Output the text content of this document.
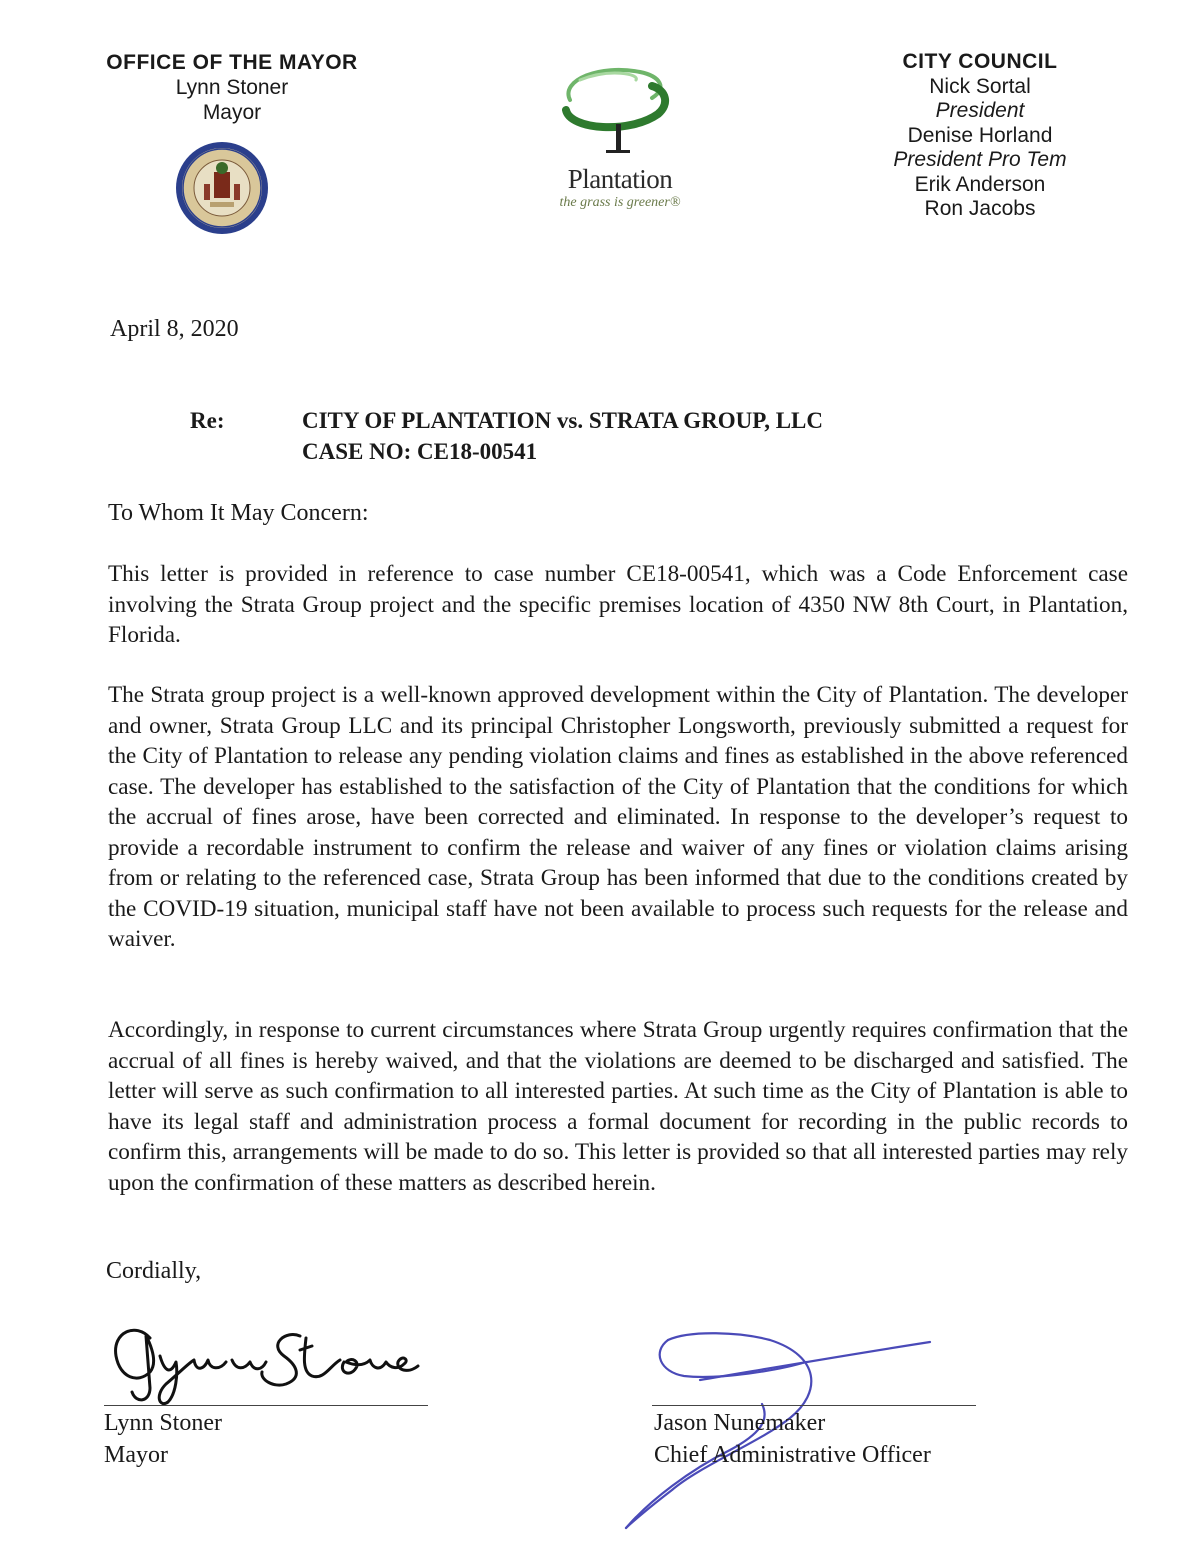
OFFICE OF THE MAYOR
Lynn Stoner
Mayor
Plantation
the grass is greener®
CITY COUNCIL
Nick Sortal
President
Denise Horland
President Pro Tem
Erik Anderson
Ron Jacobs
April 8, 2020
Re:	CITY OF PLANTATION vs. STRATA GROUP, LLC
CASE NO: CE18-00541
To Whom It May Concern:

This letter is provided in reference to case number CE18-00541, which was a Code Enforcement case involving the Strata Group project and the specific premises location of 4350 NW 8th Court, in Plantation, Florida.

The Strata group project is a well-known approved development within the City of Plantation. The developer and owner, Strata Group LLC and its principal Christopher Longsworth, previously submitted a request for the City of Plantation to release any pending violation claims and fines as established in the above referenced case. The developer has established to the satisfaction of the City of Plantation that the conditions for which the accrual of fines arose, have been corrected and eliminated. In response to the developer’s request to provide a recordable instrument to confirm the release and waiver of any fines or violation claims arising from or relating to the referenced case, Strata Group has been informed that due to the conditions created by the COVID-19 situation, municipal staff have not been available to process such requests for the release and waiver.

Accordingly, in response to current circumstances where Strata Group urgently requires confirmation that the accrual of all fines is hereby waived, and that the violations are deemed to be discharged and satisfied. The letter will serve as such confirmation to all interested parties. At such time as the City of Plantation is able to have its legal staff and administration process a formal document for recording in the public records to confirm this, arrangements will be made to do so. This letter is provided so that all interested parties may rely upon the confirmation of these matters as described herein.

Cordially,
Lynn Stoner
Mayor
Jason Nunemaker
Chief Administrative Officer
